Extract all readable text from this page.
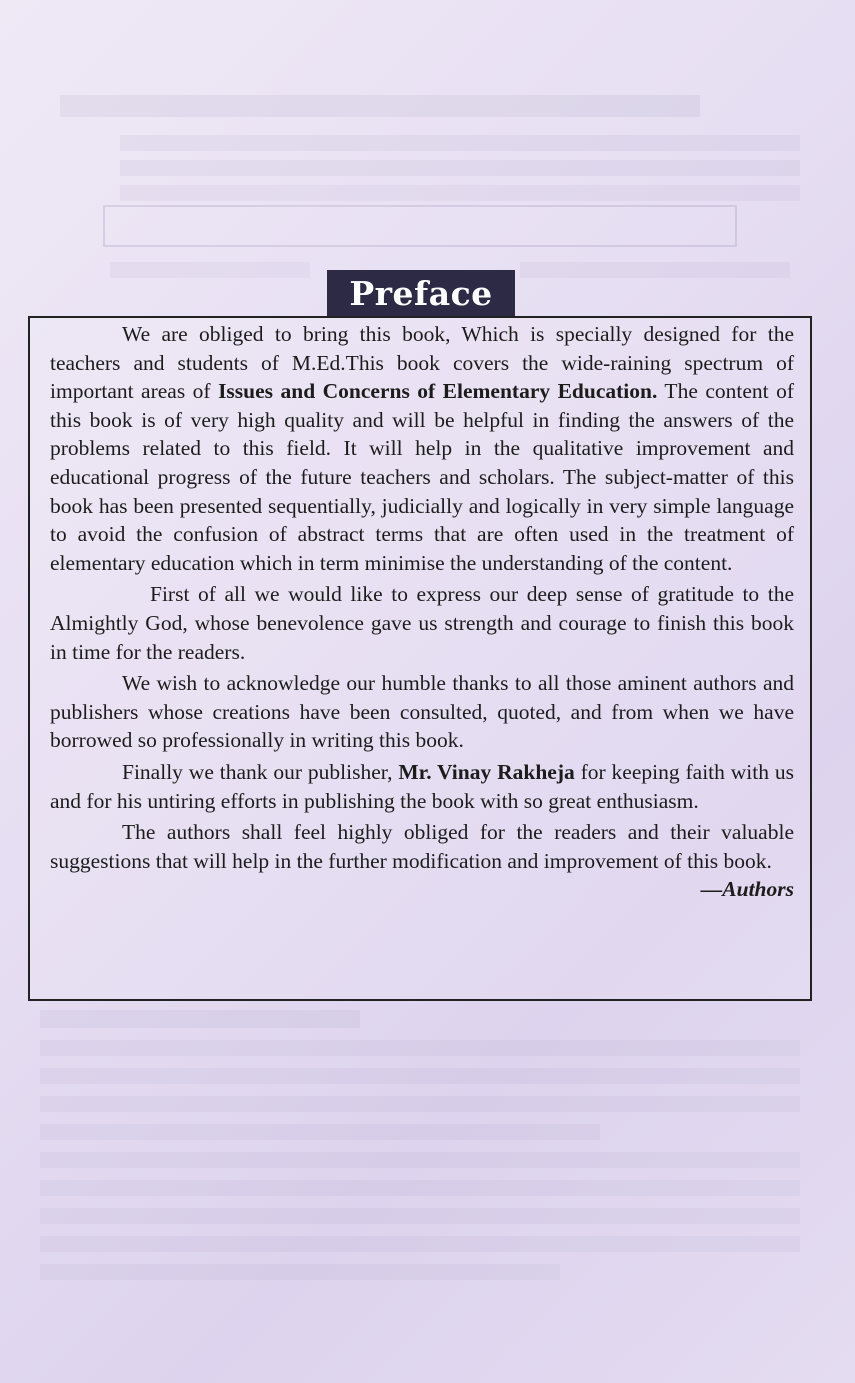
Preface

We are obliged to bring this book, Which is specially designed for the teachers and students of M.Ed.This book covers the wide-raining spectrum of important areas of Issues and Concerns of Elementary Education. The content of this book is of very high quality and will be helpful in finding the answers of the problems related to this field. It will help in the qualitative improvement and educational progress of the future teachers and scholars. The subject-matter of this book has been presented sequentially, judicially and logically in very simple language to avoid the confusion of abstract terms that are often used in the treatment of elementary education which in term minimise the understanding of the content.

First of all we would like to express our deep sense of gratitude to the Almightly God, whose benevolence gave us strength and courage to finish this book in time for the readers.

We wish to acknowledge our humble thanks to all those aminent authors and publishers whose creations have been consulted, quoted, and from when we have borrowed so professionally in writing this book.

Finally we thank our publisher, Mr. Vinay Rakheja for keeping faith with us and for his untiring efforts in publishing the book with so great enthusiasm.

The authors shall feel highly obliged for the readers and their valuable suggestions that will help in the further modification and improvement of this book.

—Authors
